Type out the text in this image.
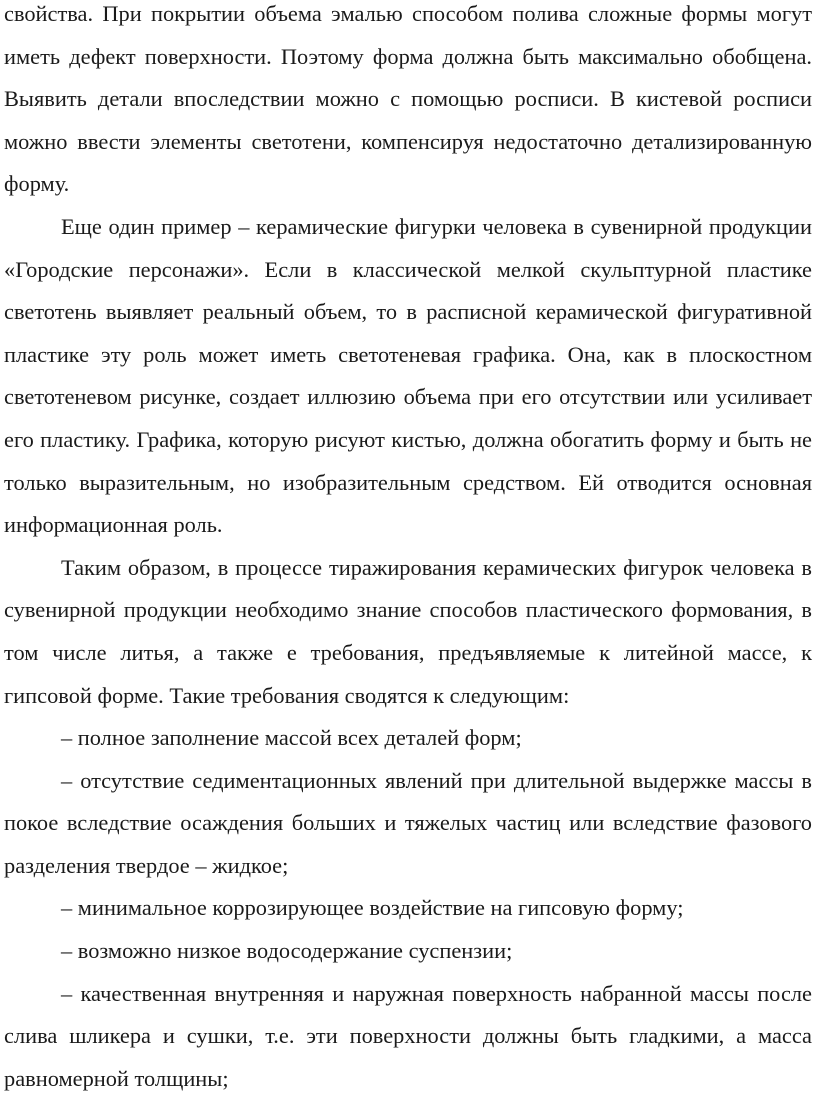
свойства. При покрытии объема эмалью способом полива сложные формы могут иметь дефект поверхности. Поэтому форма должна быть максимально обобщена. Выявить детали впоследствии можно с помощью росписи. В кистевой росписи можно ввести элементы светотени, компенсируя недостаточно детализированную форму.

Еще один пример – керамические фигурки человека в сувенирной продукции «Городские персонажи». Если в классической мелкой скульптурной пластике светотень выявляет реальный объем, то в расписной керамической фигуративной пластике эту роль может иметь светотеневая графика. Она, как в плоскостном светотеневом рисунке, создает иллюзию объема при его отсутствии или усиливает его пластику. Графика, которую рисуют кистью, должна обогатить форму и быть не только выразительным, но изобразительным средством. Ей отводится основная информационная роль.

Таким образом, в процессе тиражирования керамических фигурок человека в сувенирной продукции необходимо знание способов пластического формования, в том числе литья, а также е требования, предъявляемые к литейной массе, к гипсовой форме. Такие требования сводятся к следующим:

– полное заполнение массой всех деталей форм;

– отсутствие седиментационных явлений при длительной выдержке массы в покое вследствие осаждения больших и тяжелых частиц или вследствие фазового разделения твердое – жидкое;

– минимальное коррозирующее воздействие на гипсовую форму;

– возможно низкое водосодержание суспензии;

– качественная внутренняя и наружная поверхность набранной массы после слива шликера и сушки, т.е. эти поверхности должны быть гладкими, а масса равномерной толщины;
